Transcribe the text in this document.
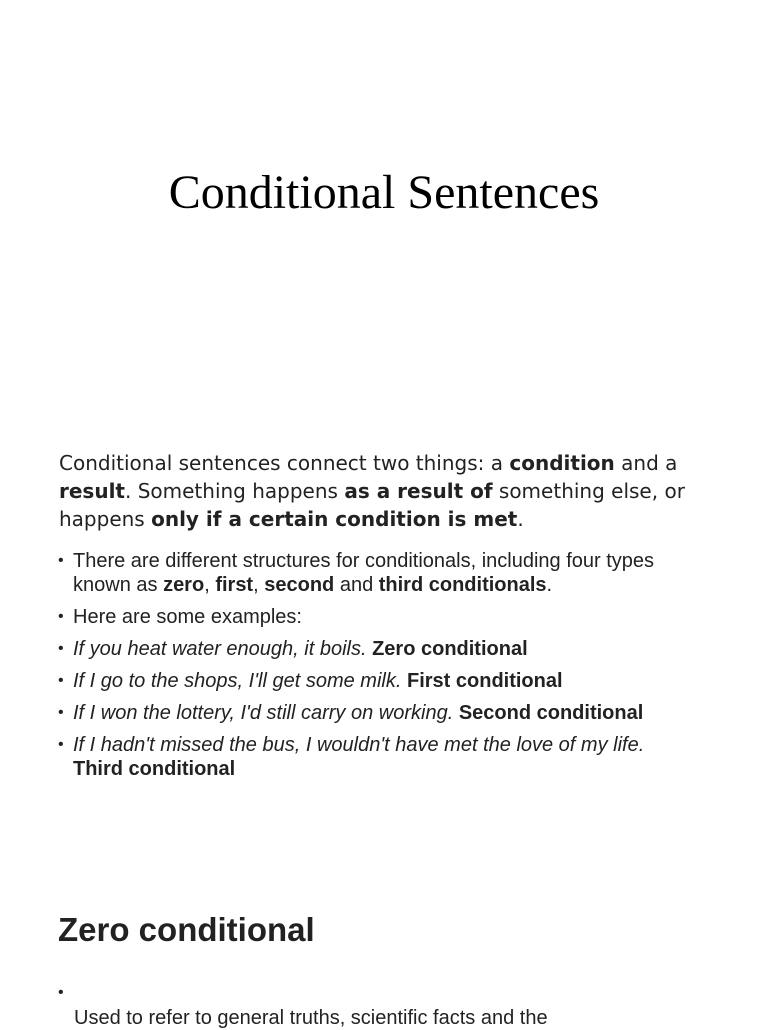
Conditional Sentences

Conditional sentences connect two things: a condition and a result. Something happens as a result of something else, or happens only if a certain condition is met.

• There are different structures for conditionals, including four types known as zero, first, second and third conditionals.
• Here are some examples:
• If you heat water enough, it boils. Zero conditional
• If I go to the shops, I'll get some milk. First conditional
• If I won the lottery, I'd still carry on working. Second conditional
• If I hadn't missed the bus, I wouldn't have met the love of my life. Third conditional
Zero conditional
•

Used to refer to general truths, scientific facts and the
